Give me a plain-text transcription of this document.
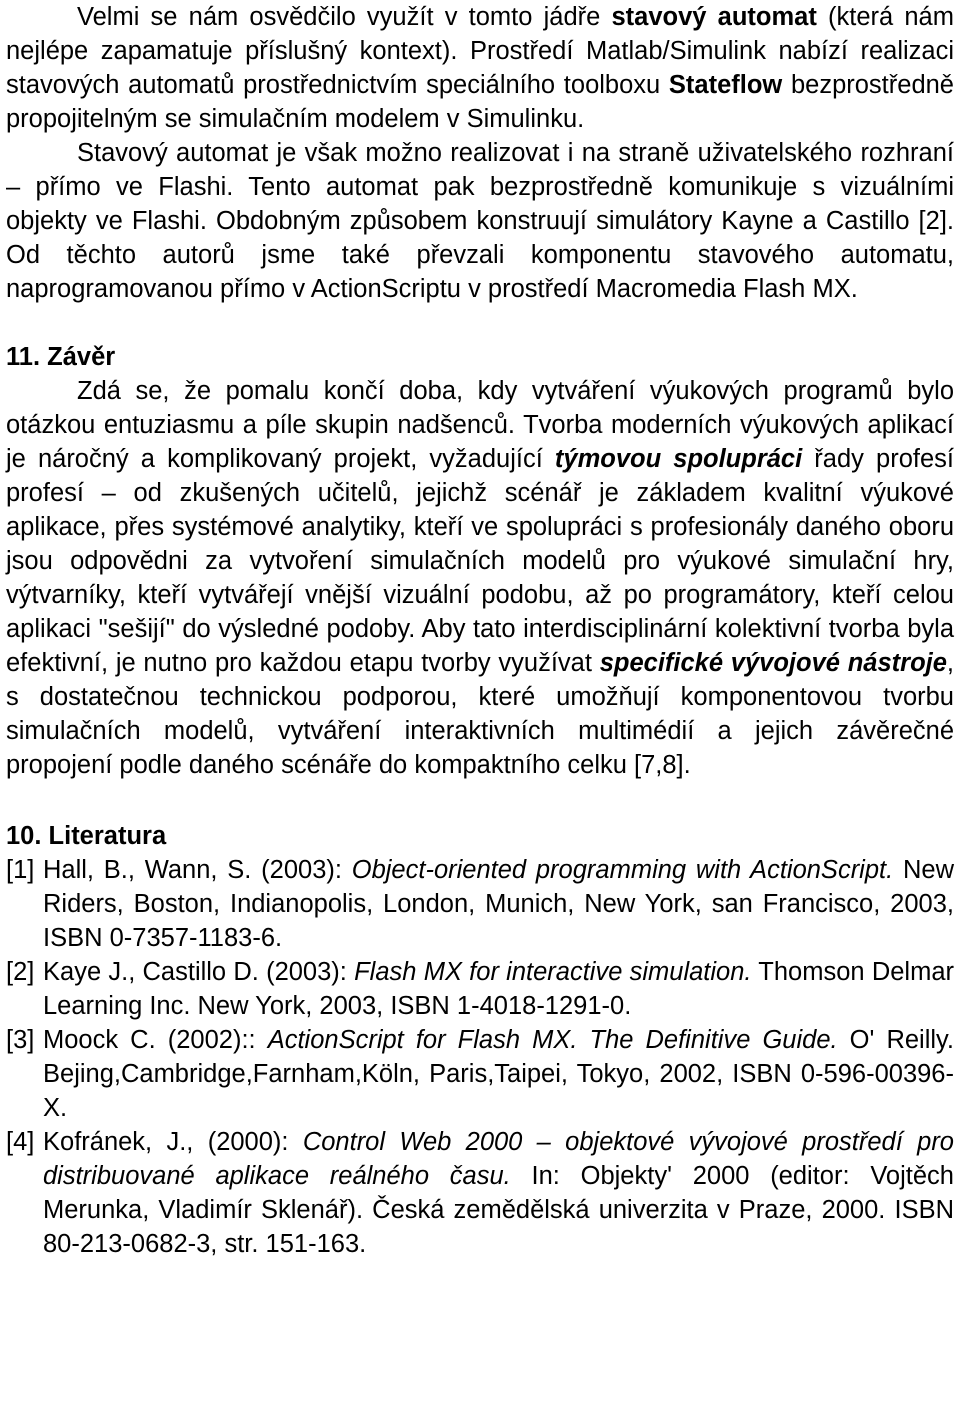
Velmi se nám osvědčilo využít v tomto jádře stavový automat (která nám nejlépe zapamatuje příslušný kontext). Prostředí Matlab/Simulink nabízí realizaci stavových automatů prostřednictvím speciálního toolboxu Stateflow bezprostředně propojitelným se simulačním modelem v Simulinku.

Stavový automat je však možno realizovat i na straně uživatelského rozhraní – přímo ve Flashi. Tento automat pak bezprostředně komunikuje s vizuálními objekty ve Flashi. Obdobným způsobem konstruují simulátory Kayne a Castillo [2]. Od těchto autorů jsme také převzali komponentu stavového automatu, naprogramovanou přímo v ActionScriptu v prostředí Macromedia Flash MX.

11. Závěr

Zdá se, že pomalu končí doba, kdy vytváření výukových programů bylo otázkou entuziasmu a píle skupin nadšenců. Tvorba moderních výukových aplikací je náročný a komplikovaný projekt, vyžadující týmovou spolupráci řady profesí profesí – od zkušených učitelů, jejichž scénář je základem kvalitní výukové aplikace, přes systémové analytiky, kteří ve spolupráci s profesionály daného oboru jsou odpovědni za vytvoření simulačních modelů pro výukové simulační hry, výtvarníky, kteří vytvářejí vnější vizuální podobu, až po programátory, kteří celou aplikaci "sešijí" do výsledné podoby. Aby tato interdisciplinární kolektivní tvorba byla efektivní, je nutno pro každou etapu tvorby využívat specifické vývojové nástroje, s dostatečnou technickou podporou, které umožňují komponentovou tvorbu simulačních modelů, vytváření interaktivních multimédií a jejich závěrečné propojení podle daného scénáře do kompaktního celku [7,8].

10. Literatura
[1] Hall, B., Wann, S. (2003): Object-oriented programming with ActionScript. New Riders, Boston, Indianopolis, London, Munich, New York, san Francisco, 2003, ISBN 0-7357-1183-6.
[2] Kaye J., Castillo D. (2003): Flash MX for interactive simulation. Thomson Delmar Learning Inc. New York, 2003, ISBN 1-4018-1291-0.
[3] Moock C. (2002):: ActionScript for Flash MX. The Definitive Guide. O' Reilly. Bejing,Cambridge,Farnham,Köln, Paris,Taipei, Tokyo, 2002, ISBN 0-596-00396-X.
[4] Kofránek, J., (2000): Control Web 2000 – objektové vývojové prostředí pro distribuované aplikace reálného času. In: Objekty' 2000 (editor: Vojtěch Merunka, Vladimír Sklenář). Česká zemědělská univerzita v Praze, 2000. ISBN 80-213-0682-3, str. 151-163.
